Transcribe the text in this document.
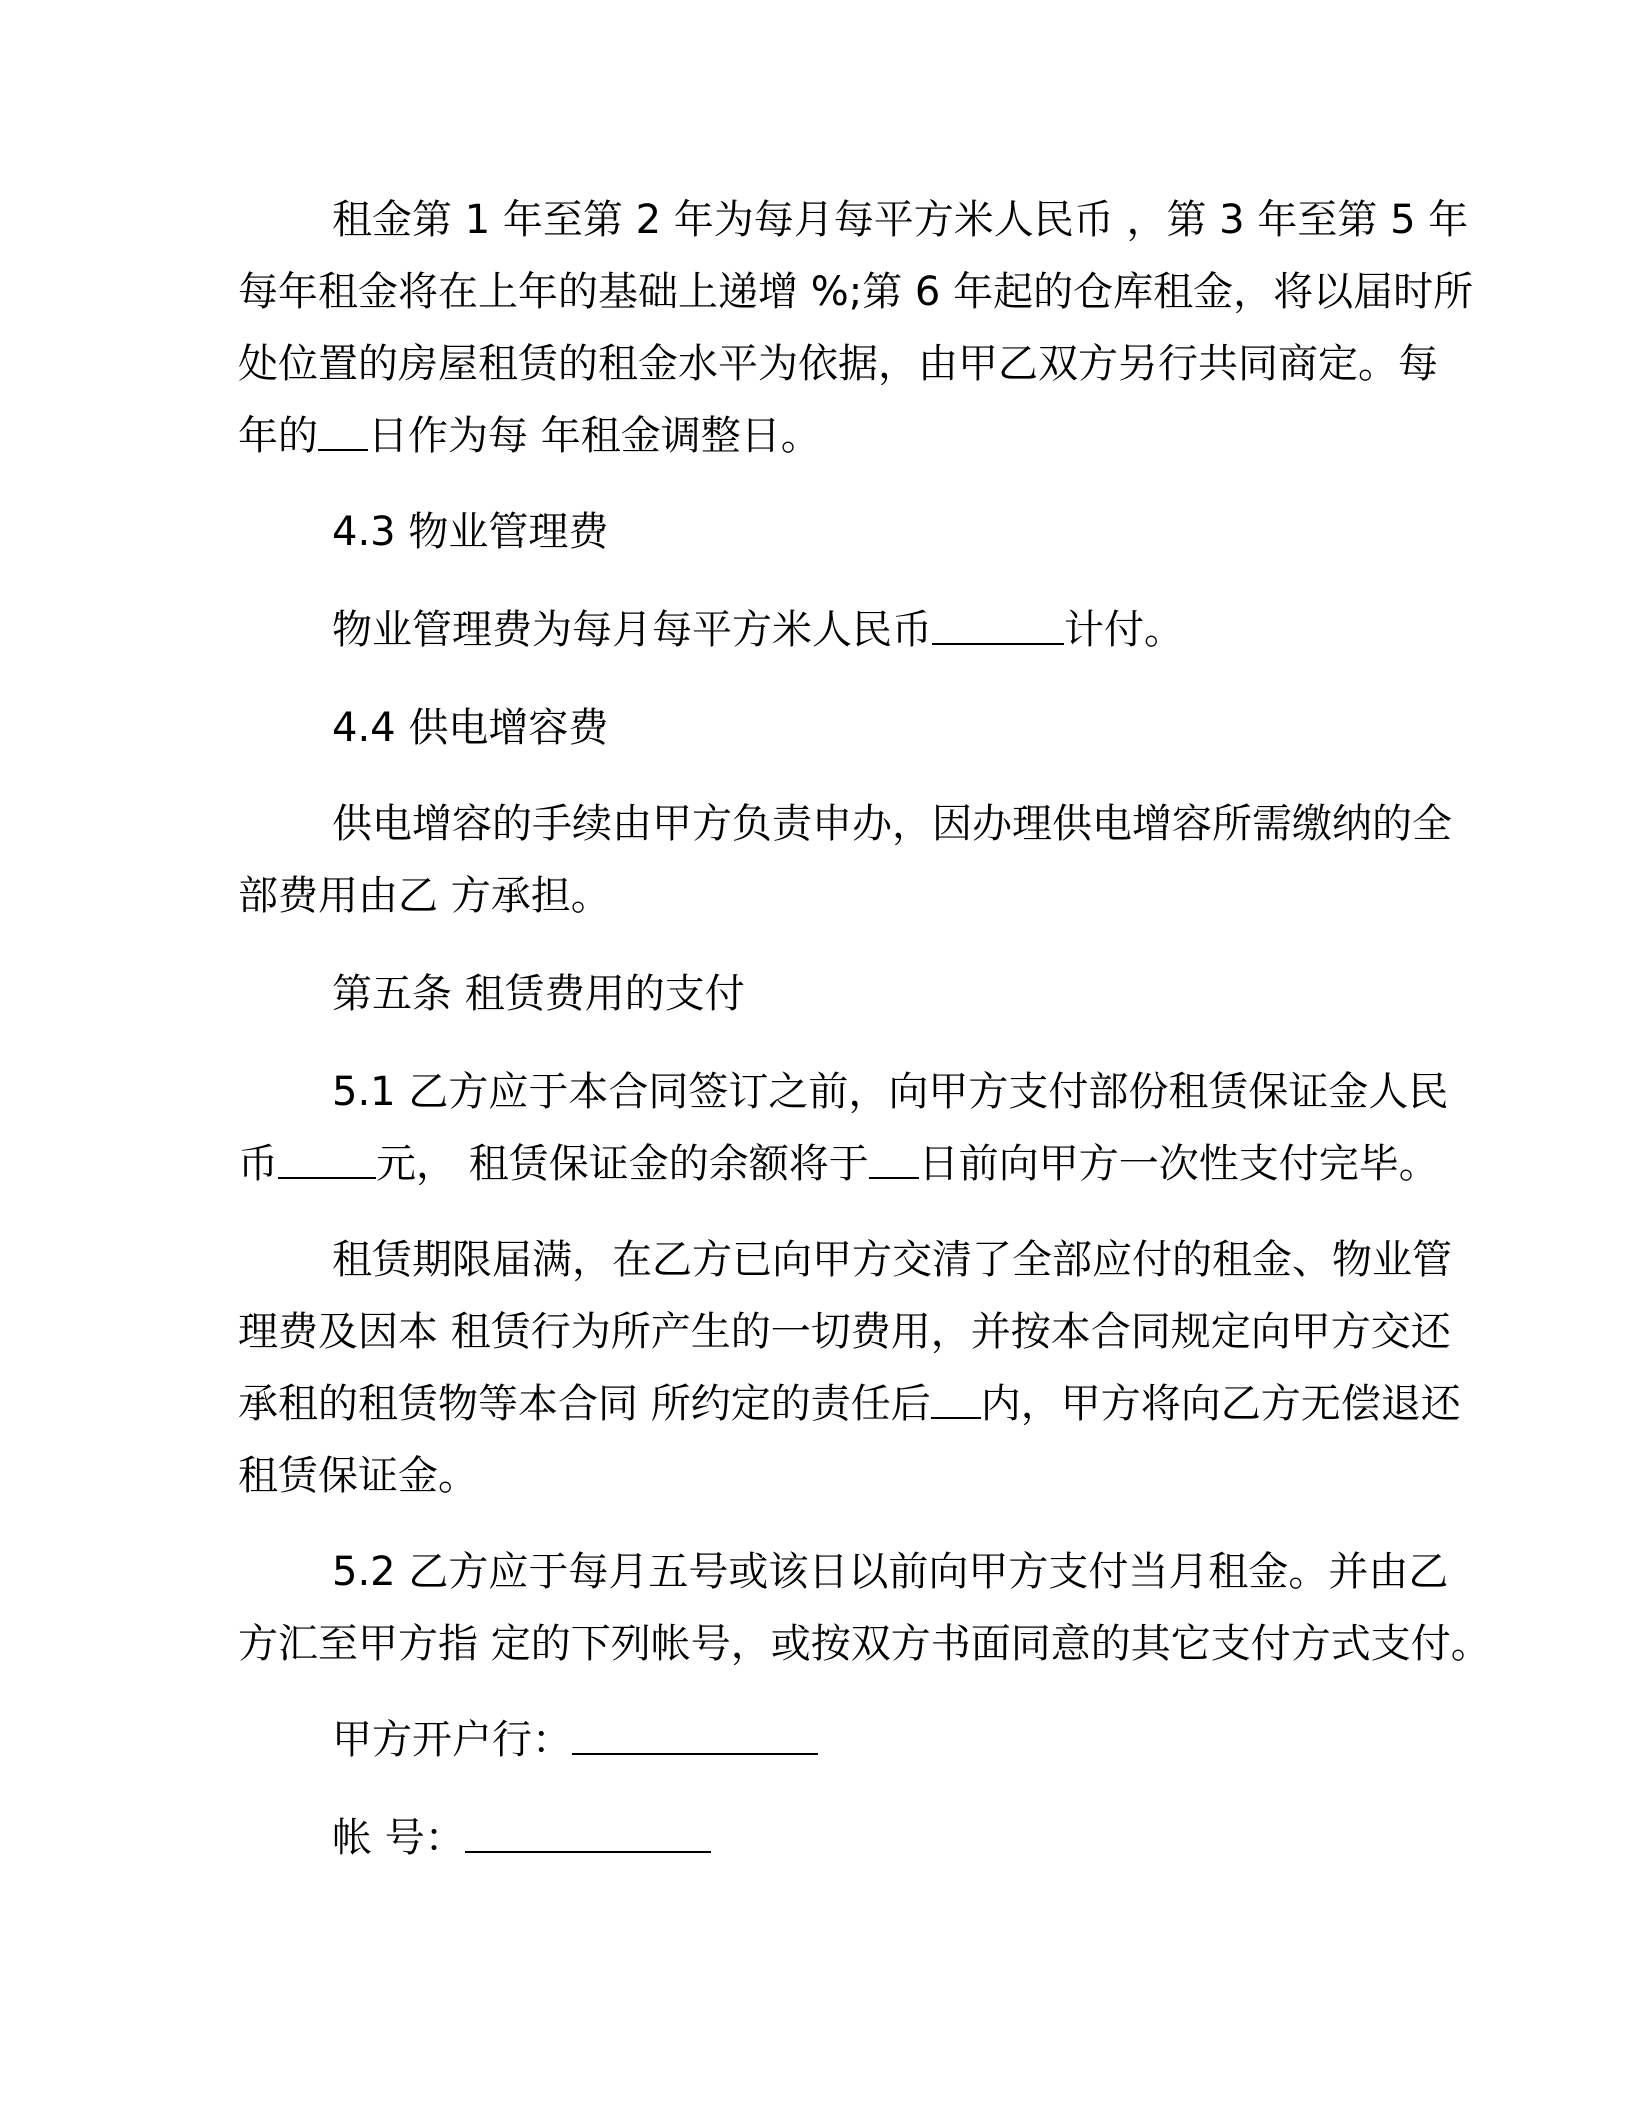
租金第 1 年至第 2 年为每月每平方米人民币 ，第 3 年至第 5 年
每年租金将在上年的基础上递增 %;第 6 年起的仓库租金，将以届时所
处位置的房屋租赁的租金水平为依据，由甲乙双方另行共同商定。每
年的 日作为每 年租金调整日。
4.3 物业管理费
物业管理费为每月每平方米人民币	计付。
4.4 供电增容费
供电增容的手续由甲方负责申办，因办理供电增容所需缴纳的全
部费用由乙 方承担。
第五条 租赁费用的支付
5.1 乙方应于本合同签订之前，向甲方支付部份租赁保证金人民
币 元， 租赁保证金的余额将于 日前向甲方一次性支付完毕。
租赁期限届满，在乙方已向甲方交清了全部应付的租金、物业管
理费及因本 租赁行为所产生的一切费用，并按本合同规定向甲方交还
承租的租赁物等本合同 所约定的责任后 内，甲方将向乙方无偿退还
租赁保证金。
5.2 乙方应于每月五号或该日以前向甲方支付当月租金。并由乙
方汇至甲方指 定的下列帐号，或按双方书面同意的其它支付方式支付。
甲方开户行：
帐 号：
